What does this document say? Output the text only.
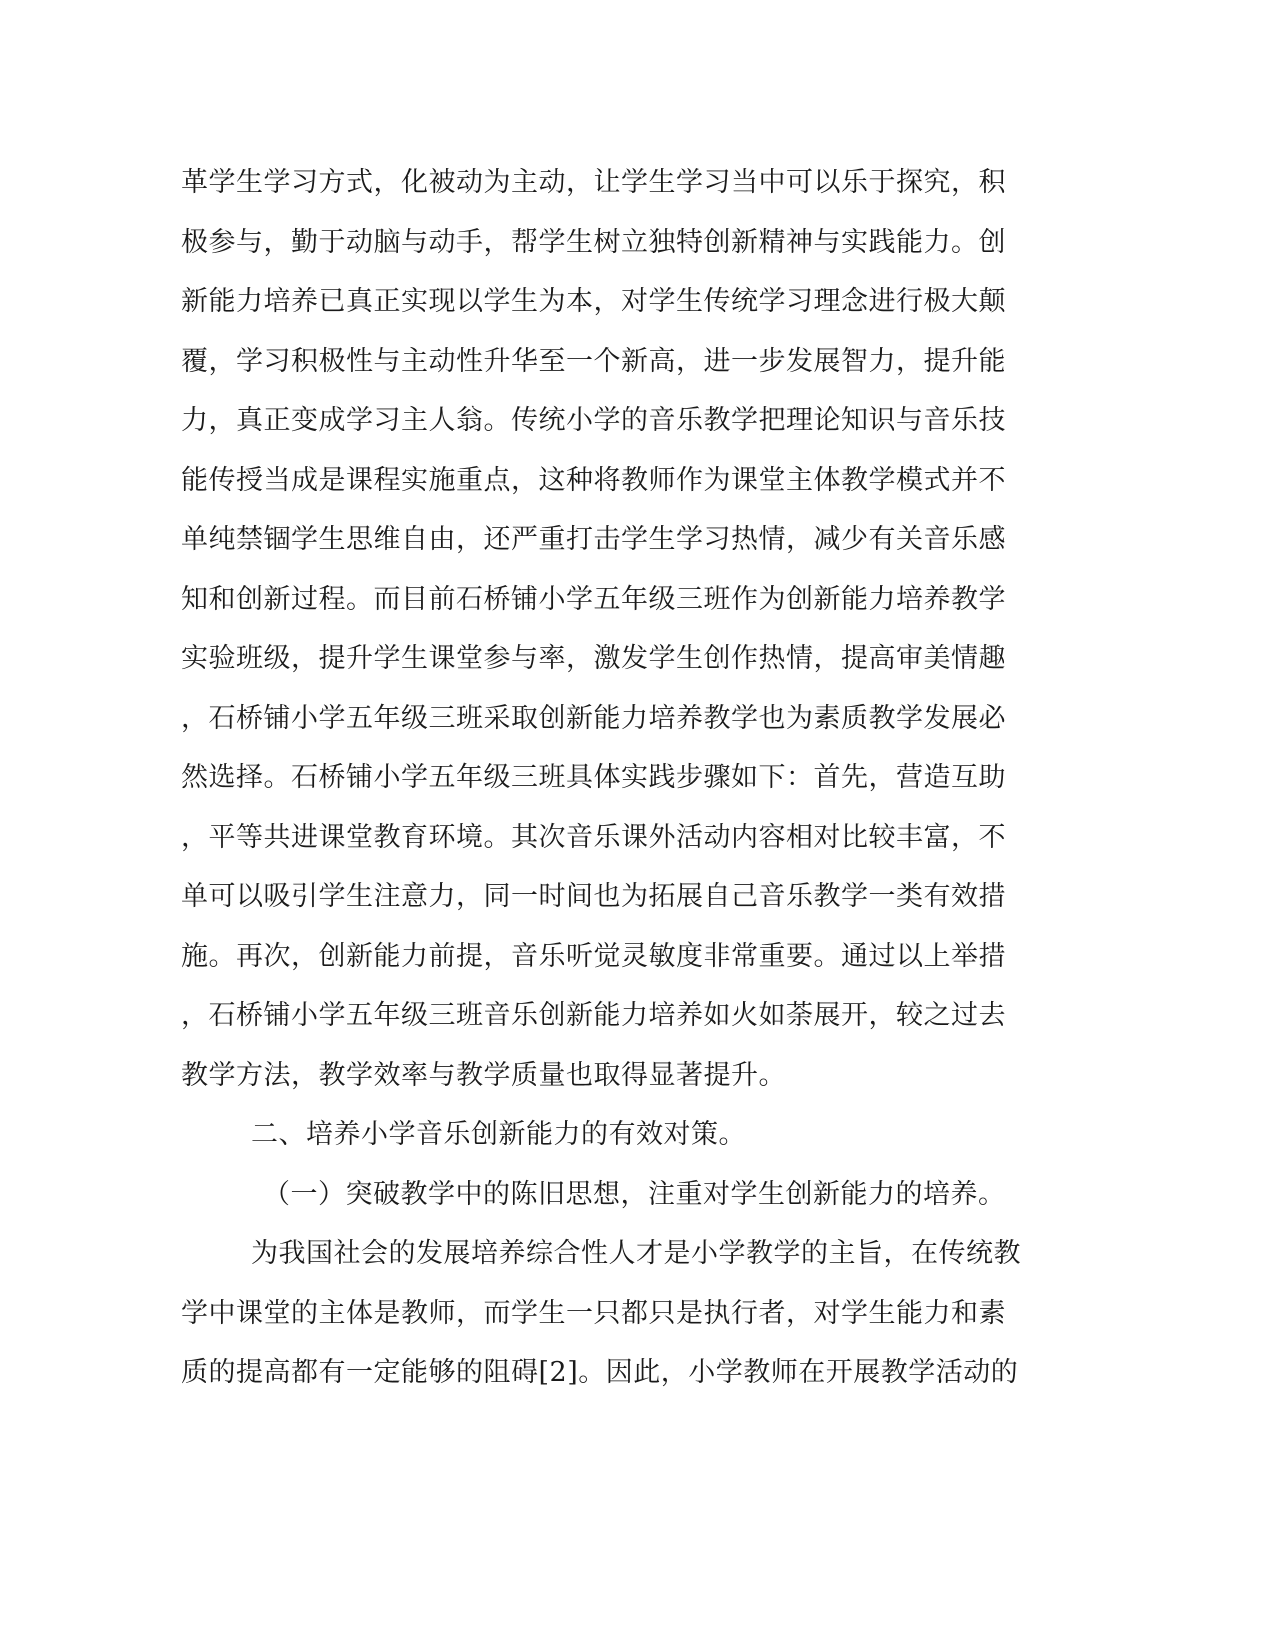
革学生学习方式，化被动为主动，让学生学习当中可以乐于探究，积
极参与，勤于动脑与动手，帮学生树立独特创新精神与实践能力。创
新能力培养已真正实现以学生为本，对学生传统学习理念进行极大颠
覆，学习积极性与主动性升华至一个新高，进一步发展智力，提升能
力，真正变成学习主人翁。传统小学的音乐教学把理论知识与音乐技
能传授当成是课程实施重点，这种将教师作为课堂主体教学模式并不
单纯禁锢学生思维自由，还严重打击学生学习热情，减少有关音乐感
知和创新过程。而目前石桥铺小学五年级三班作为创新能力培养教学
实验班级，提升学生课堂参与率，激发学生创作热情，提高审美情趣
，石桥铺小学五年级三班采取创新能力培养教学也为素质教学发展必
然选择。石桥铺小学五年级三班具体实践步骤如下：首先，营造互助
，平等共进课堂教育环境。其次音乐课外活动内容相对比较丰富，不
单可以吸引学生注意力，同一时间也为拓展自己音乐教学一类有效措
施。再次，创新能力前提，音乐听觉灵敏度非常重要。通过以上举措
，石桥铺小学五年级三班音乐创新能力培养如火如荼展开，较之过去
教学方法，教学效率与教学质量也取得显著提升。
二、培养小学音乐创新能力的有效对策。
（一）突破教学中的陈旧思想，注重对学生创新能力的培养。
为我国社会的发展培养综合性人才是小学教学的主旨，在传统教
学中课堂的主体是教师，而学生一只都只是执行者，对学生能力和素
质的提高都有一定能够的阻碍[2]。因此，小学教师在开展教学活动的
